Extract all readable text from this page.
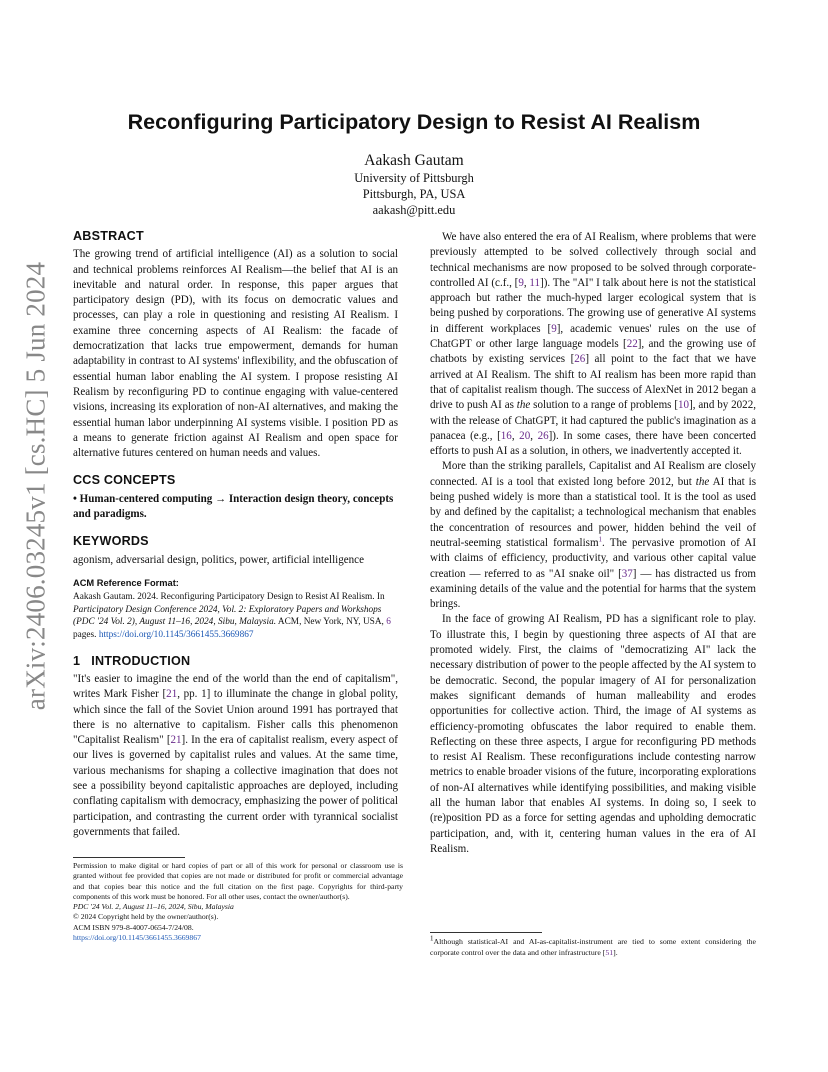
arXiv:2406.03245v1 [cs.HC] 5 Jun 2024
Reconfiguring Participatory Design to Resist AI Realism
Aakash Gautam
University of Pittsburgh
Pittsburgh, PA, USA
aakash@pitt.edu
ABSTRACT

The growing trend of artificial intelligence (AI) as a solution to social and technical problems reinforces AI Realism—the belief that AI is an inevitable and natural order. In response, this paper argues that participatory design (PD), with its focus on democratic values and processes, can play a role in questioning and resisting AI Realism. I examine three concerning aspects of AI Realism: the facade of democratization that lacks true empowerment, demands for human adaptability in contrast to AI systems' inflexibility, and the obfuscation of essential human labor enabling the AI system. I propose resisting AI Realism by reconfiguring PD to continue engaging with value-centered visions, increasing its exploration of non-AI alternatives, and making the essential human labor underpinning AI systems visible. I position PD as a means to generate friction against AI Realism and open space for alternative futures centered on human needs and values.

CCS CONCEPTS

• Human-centered computing → Interaction design theory, concepts and paradigms.

KEYWORDS

agonism, adversarial design, politics, power, artificial intelligence

ACM Reference Format:

Aakash Gautam. 2024. Reconfiguring Participatory Design to Resist AI Realism. In Participatory Design Conference 2024, Vol. 2: Exploratory Papers and Workshops (PDC '24 Vol. 2), August 11–16, 2024, Sibu, Malaysia. ACM, New York, NY, USA, 6 pages. https://doi.org/10.1145/3661455.3669867

1   INTRODUCTION

"It's easier to imagine the end of the world than the end of capitalism", writes Mark Fisher [21, pp. 1] to illuminate the change in global polity, which since the fall of the Soviet Union around 1991 has portrayed that there is no alternative to capitalism. Fisher calls this phenomenon "Capitalist Realism" [21]. In the era of capitalist realism, every aspect of our lives is governed by capitalist rules and values. At the same time, various mechanisms for shaping a collective imagination that does not see a possibility beyond capitalistic approaches are deployed, including conflating capitalism with democracy, emphasizing the power of political participation, and contrasting the current order with tyrannical socialist governments that failed.

We have also entered the era of AI Realism, where problems that were previously attempted to be solved collectively through social and technical mechanisms are now proposed to be solved through corporate-controlled AI (c.f., [9, 11]). The "AI" I talk about here is not the statistical approach but rather the much-hyped larger ecological system that is being pushed by corporations. The growing use of generative AI systems in different workplaces [9], academic venues' rules on the use of ChatGPT or other large language models [22], and the growing use of chatbots by existing services [26] all point to the fact that we have arrived at AI Realism. The shift to AI realism has been more rapid than that of capitalist realism though. The success of AlexNet in 2012 began a drive to push AI as the solution to a range of problems [10], and by 2022, with the release of ChatGPT, it had captured the public's imagination as a panacea (e.g., [16, 20, 26]). In some cases, there have been concerted efforts to push AI as a solution, in others, we inadvertently accepted it.

More than the striking parallels, Capitalist and AI Realism are closely connected. AI is a tool that existed long before 2012, but the AI that is being pushed widely is more than a statistical tool. It is the tool as used by and defined by the capitalist; a technological mechanism that enables the concentration of resources and power, hidden behind the veil of neutral-seeming statistical formalism$^1$. The pervasive promotion of AI with claims of efficiency, productivity, and various other capital value creation — referred to as "AI snake oil" [37] — has distracted us from examining details of the value and the potential for harms that the system brings.

In the face of growing AI Realism, PD has a significant role to play. To illustrate this, I begin by questioning three aspects of AI that are promoted widely. First, the claims of "democratizing AI" lack the necessary distribution of power to the people affected by the AI system to be democratic. Second, the popular imagery of AI for personalization makes significant demands of human malleability and erodes opportunities for collective action. Third, the image of AI systems as efficiency-promoting obfuscates the labor required to enable them. Reflecting on these three aspects, I argue for reconfiguring PD methods to resist AI Realism. These reconfigurations include contesting narrow metrics to enable broader visions of the future, incorporating explorations of non-AI alternatives while identifying possibilities, and making visible all the human labor that enables AI systems. In doing so, I seek to (re)position PD as a force for setting agendas and upholding democratic participation, and, with it, centering human values in the era of AI Realism.

Permission to make digital or hard copies of part or all of this work for personal or classroom use is granted without fee provided that copies are not made or distributed for profit or commercial advantage and that copies bear this notice and the full citation on the first page. Copyrights for third-party components of this work must be honored. For all other uses, contact the owner/author(s).
PDC '24 Vol. 2, August 11–16, 2024, Sibu, Malaysia
© 2024 Copyright held by the owner/author(s).
ACM ISBN 979-8-4007-0654-7/24/08.
https://doi.org/10.1145/3661455.3669867	1Although statistical-AI and AI-as-capitalist-instrument are tied to some extent considering the corporate control over the data and other infrastructure [51].
